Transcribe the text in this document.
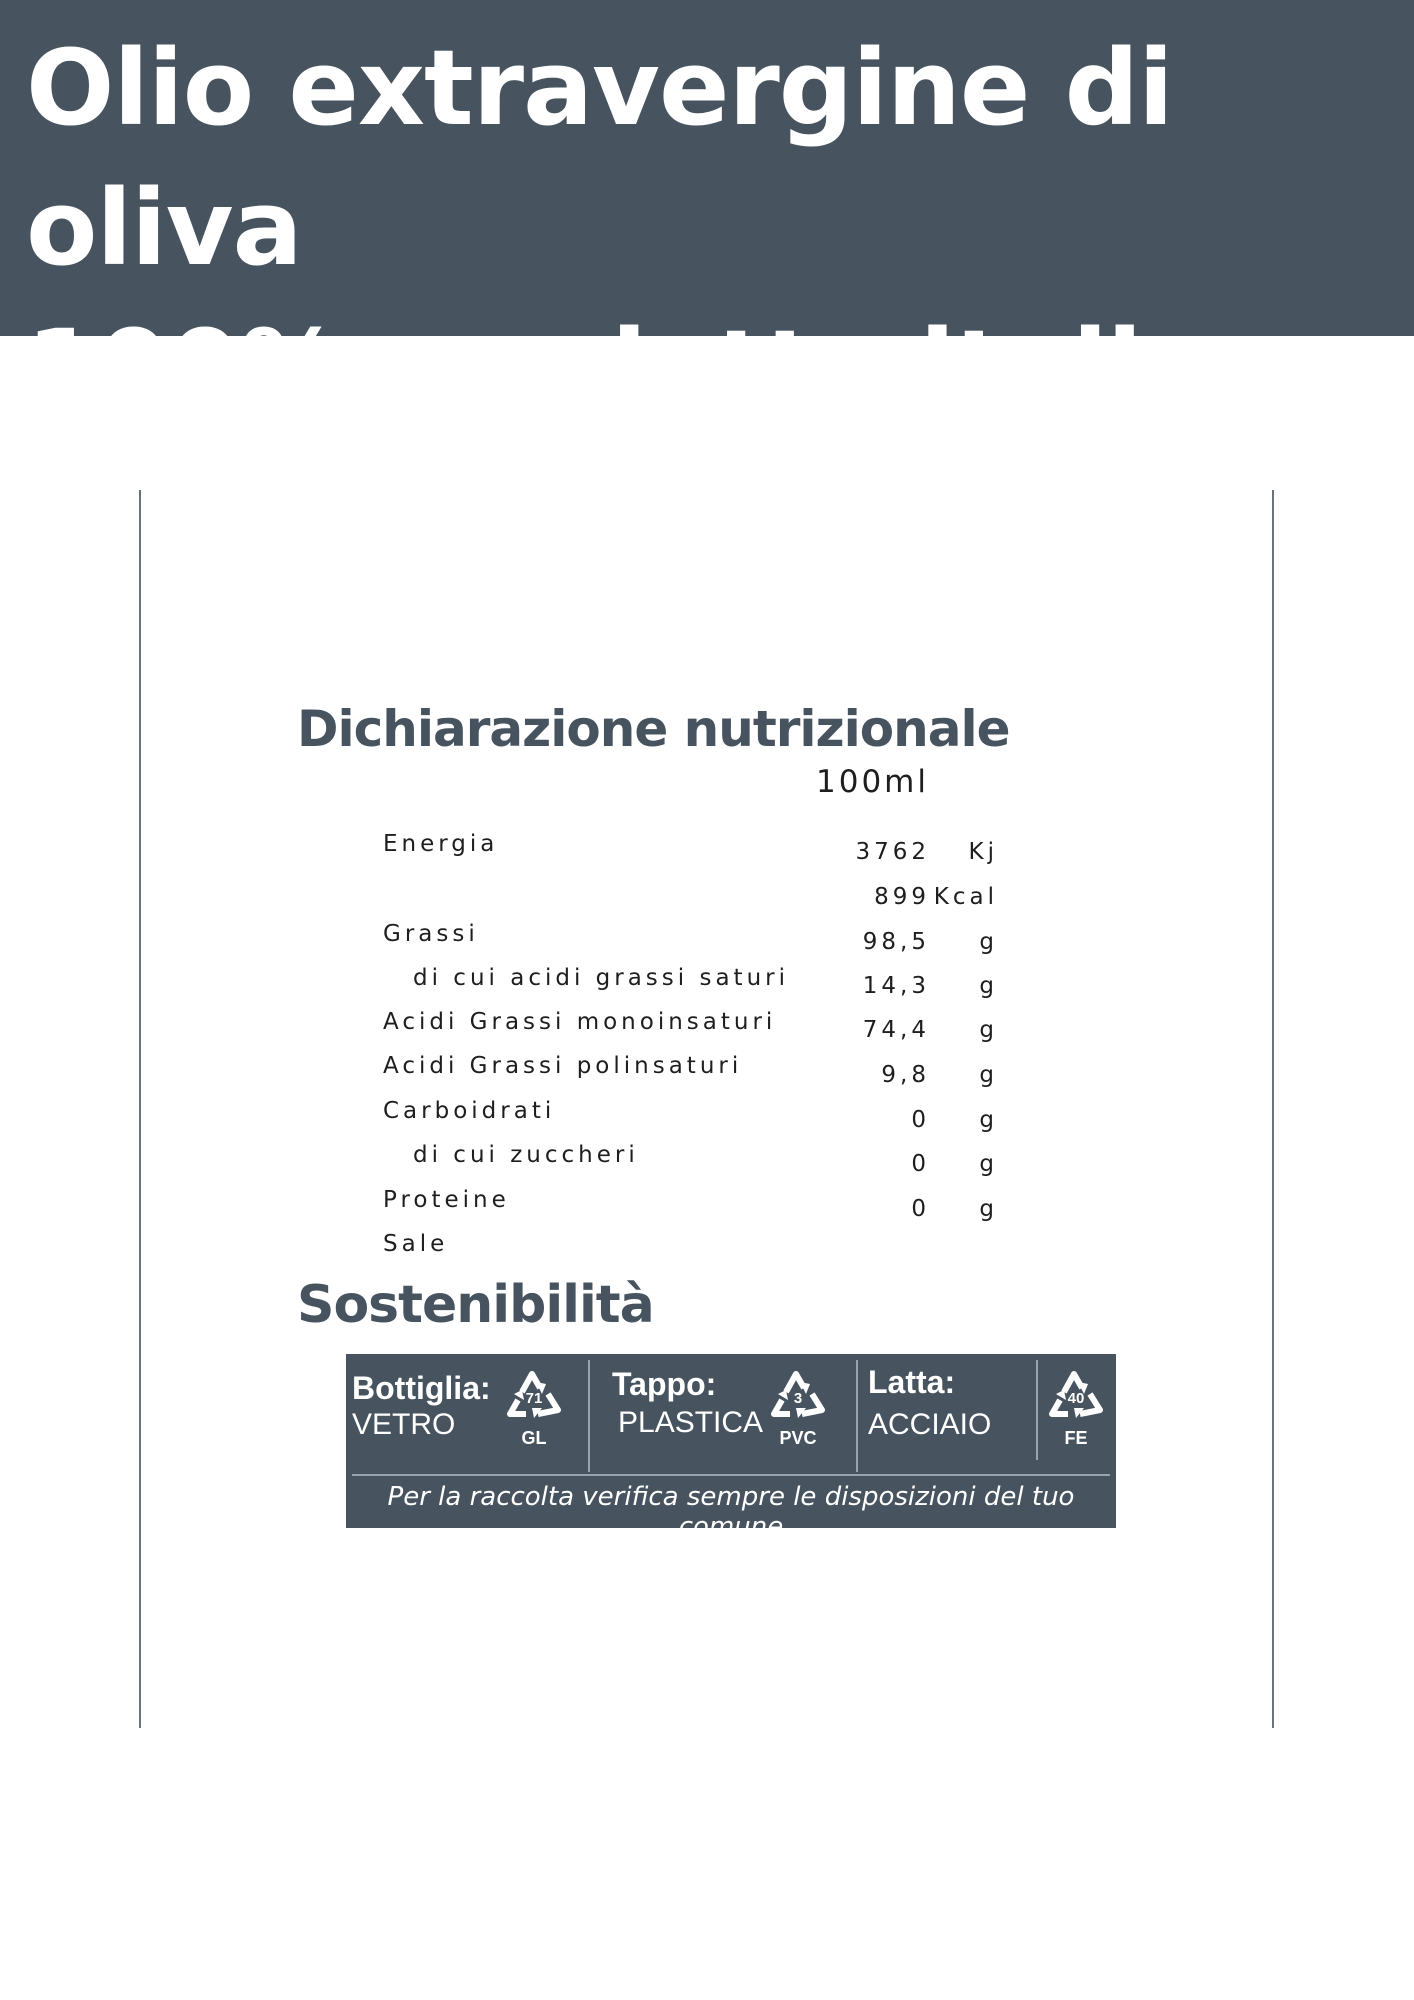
Olio extravergine di oliva
100% prodotto italiano
Dichiarazione nutrizionale
100ml
Energia
Grassi
di cui acidi grassi saturi
Acidi Grassi monoinsaturi
Acidi Grassi polinsaturi
Carboidrati
di cui zuccheri
Proteine
Sale
3762
899
98,5
14,3
74,4
9,8
0
0
0
Kj
Kcal
g
g
g
g
g
g
g
Sostenibilità
Bottiglia:
VETRO
71
GL
Tappo:
PLASTICA
3
PVC
Latta:
ACCIAIO
40
FE
Per la raccolta verifica sempre le disposizioni del tuo comune
